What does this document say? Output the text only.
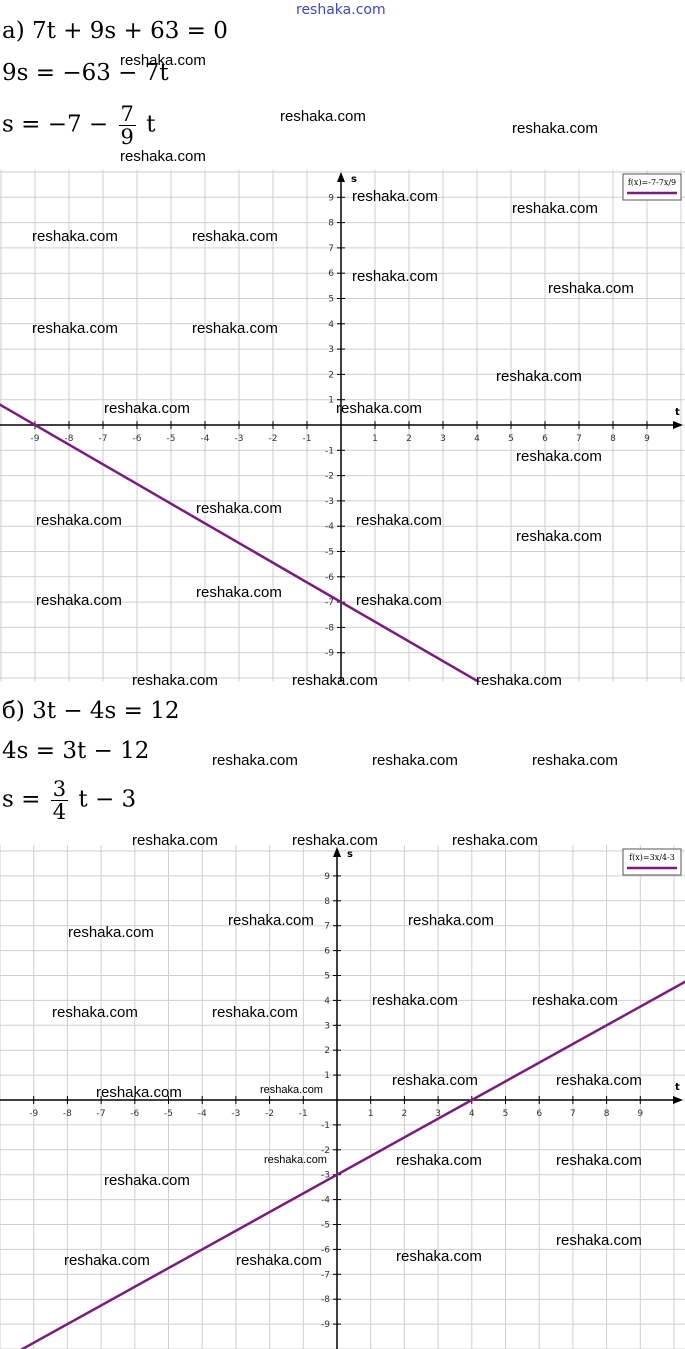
reshaka.com
а) 7t + 9s + 63 = 0
9s = −63 − 7t
$s = -7 - \frac{7}{9}$ t
t
s
-9	-8	-7	-6	-5	-4	-3	-2	-1	1	2	3	4	5	6	7	8	9
9
8
7
6
5
4
3
2
1
-1
-2
-3
-4
-5
-6
-7
-8
-9
f(x)=-7-7x/9
б) 3t − 4s = 12
4s = 3t − 12
$s = \frac{3}{4}$ t − 3
t
s
-9	-8	-7	-6	-5	-4	-3	-2	-1	1	2	3	4	5	6	7	8	9
9
8
7
6
5
4
3
2
1
-1
-2
-3
-4
-5
-6
-7
-8
-9
f(x)=3x/4-3
reshaka.com
reshaka.com
reshaka.com
reshaka.com
reshaka.com
reshaka.com
reshaka.com	reshaka.com
reshaka.com
reshaka.com
reshaka.com	reshaka.com
reshaka.com
reshaka.com	reshaka.com
reshaka.com
reshaka.com
reshaka.com	reshaka.com
reshaka.com
reshaka.com
reshaka.com	reshaka.com
reshaka.com	reshaka.com	reshaka.com
reshaka.com	reshaka.com	reshaka.com
reshaka.com	reshaka.com	reshaka.com
reshaka.com	reshaka.com
reshaka.com
reshaka.com	reshaka.com
reshaka.com	reshaka.com
reshaka.com	reshaka.com
reshaka.com	reshaka.com
reshaka.com	reshaka.com	reshaka.com
reshaka.com
reshaka.com
reshaka.com	reshaka.com	reshaka.com
